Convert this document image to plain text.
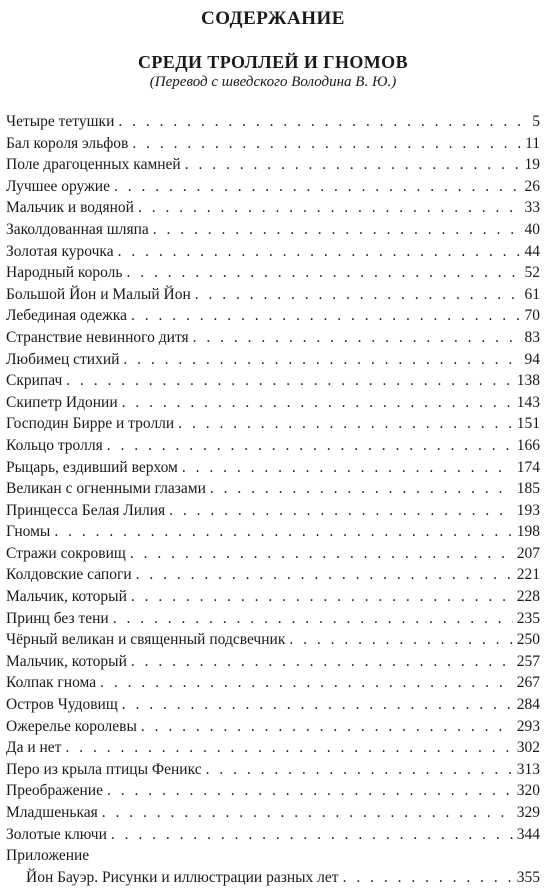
СОДЕРЖАНИЕ
СРЕДИ ТРОЛЛЕЙ И ГНОМОВ

(Перевод с шведского Володина В. Ю.)

Четыре тетушки . . .	5
Бал короля эльфов . . .	11
Поле драгоценных камней . . .	19
Лучшее оружие . . .	26
Мальчик и водяной . . .	33
Заколдованная шляпа . . .	40
Золотая курочка . . .	44
Народный король . . .	52
Большой Йон и Малый Йон . . .	61
Лебединая одежка . . .	70
Странствие невинного дитя . . .	83
Любимец стихий . . .	94
Скрипач . . .	138
Скипетр Идонии . . .	143
Господин Бирре и тролли . . .	151
Кольцо тролля . . .	166
Рыцарь, ездивший верхом . . .	174
Великан с огненными глазами . . .	185
Принцесса Белая Лилия . . .	193
Гномы . . .	198
Стражи сокровищ . . .	207
Колдовские сапоги . . .	221
Мальчик, который . . .	228
Принц без тени . . .	235
Чёрный великан и священный подсвечник . . .	250
Мальчик, который . . .	257
Колпак гнома . . .	267
Остров Чудовищ . . .	284
Ожерелье королевы . . .	293
Да и нет . . .	302
Перо из крыла птицы Феникс . . .	313
Преображение . . .	320
Младшенькая . . .	329
Золотые ключи . . .	344
Приложение
Йон Бауэр. Рисунки и иллюстрации разных лет . . .	355
